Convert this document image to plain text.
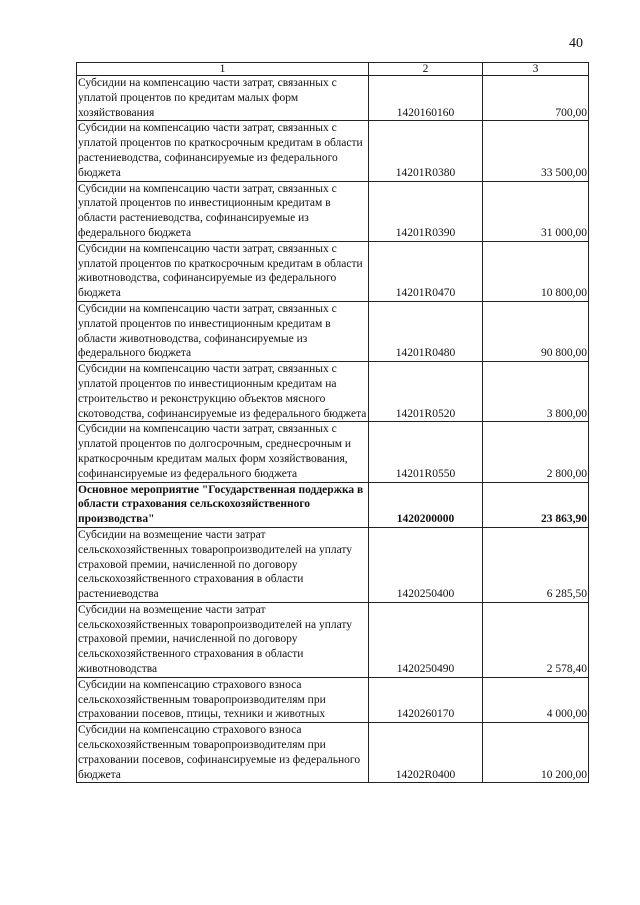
40
1	2	3
Субсидии на компенсацию части затрат, связанных с уплатой процентов по кредитам малых форм хозяйствования	1420160160	700,00
Субсидии на компенсацию части затрат, связанных с уплатой процентов по краткосрочным кредитам в области растениеводства, софинансируемые из федерального бюджета	14201R0380	33 500,00
Субсидии на компенсацию части затрат, связанных с уплатой процентов по инвестиционным кредитам в области растениеводства, софинансируемые из федерального бюджета	14201R0390	31 000,00
Субсидии на компенсацию части затрат, связанных с уплатой процентов по краткосрочным кредитам в области животноводства, софинансируемые из федерального бюджета	14201R0470	10 800,00
Субсидии на компенсацию части затрат, связанных с уплатой процентов по инвестиционным кредитам в области животноводства, софинансируемые из федерального бюджета	14201R0480	90 800,00
Субсидии на компенсацию части затрат, связанных с уплатой процентов по инвестиционным кредитам на строительство и реконструкцию объектов мясного скотоводства, софинансируемые из федерального бюджета	14201R0520	3 800,00
Субсидии на компенсацию части затрат, связанных с уплатой процентов по долгосрочным, среднесрочным и краткосрочным кредитам малых форм хозяйствования, софинансируемые из федерального бюджета	14201R0550	2 800,00
Основное мероприятие "Государственная поддержка в области страхования сельскохозяйственного производства"	1420200000	23 863,90
Субсидии на возмещение части затрат сельскохозяйственных товаропроизводителей на уплату страховой премии, начисленной по договору сельскохозяйственного страхования в области растениеводства	1420250400	6 285,50
Субсидии на возмещение части затрат сельскохозяйственных товаропроизводителей на уплату страховой премии, начисленной по договору сельскохозяйственного страхования в области животноводства	1420250490	2 578,40
Субсидии на компенсацию страхового взноса сельскохозяйственным товаропроизводителям при страховании посевов, птицы, техники и животных	1420260170	4 000,00
Субсидии на компенсацию страхового взноса сельскохозяйственным товаропроизводителям при страховании посевов, софинансируемые из федерального бюджета	14202R0400	10 200,00
